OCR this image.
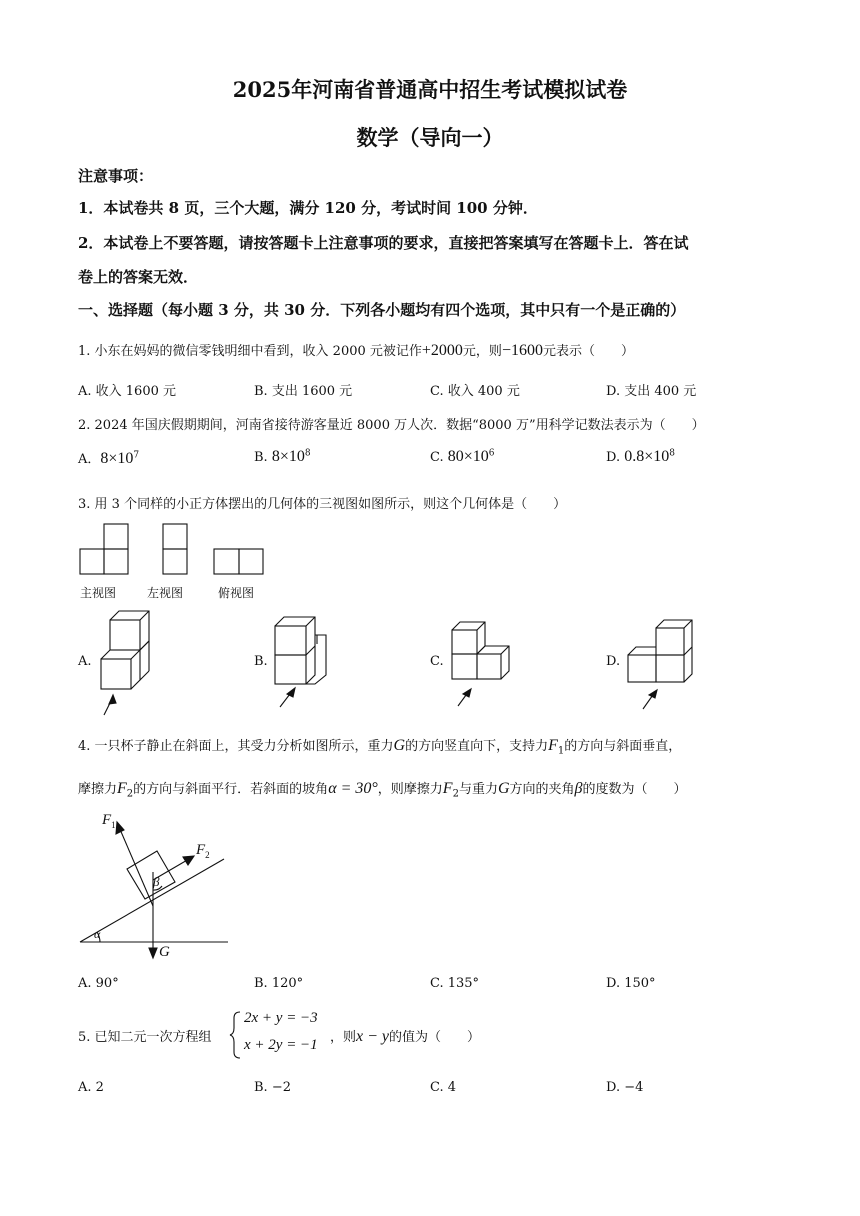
2025年河南省普通高中招生考试模拟试卷
数学（导向一）
注意事项：
1．本试卷共 8 页，三个大题，满分 120 分，考试时间 100 分钟．
2．本试卷上不要答题，请按答题卡上注意事项的要求，直接把答案填写在答题卡上．答在试
卷上的答案无效．
一、选择题（每小题 3 分，共 30 分．下列各小题均有四个选项，其中只有一个是正确的）
1. 小东在妈妈的微信零钱明细中看到，收入 2000 元被记作+2000元，则−1600元表示（　　）
A. 收入 1600 元	B. 支出 1600 元	C. 收入 400 元	D. 支出 400 元
2. 2024 年国庆假期期间，河南省接待游客量近 8000 万人次．数据“8000 万”用科学记数法表示为（　　）
A．$8\times 10^7$	B. $8\times 10^8$	C. $80\times 10^6$	D. $0.8\times 10^8$
3. 用 3 个同样的小正方体摆出的几何体的三视图如图所示，则这个几何体是（　　）
主视图	左视图	俯视图
A.	B.	C.	D.
4. 一只杯子静止在斜面上，其受力分析如图所示，重力G的方向竖直向下，支持力$F_1$的方向与斜面垂直，
摩擦力$F_2$的方向与斜面平行．若斜面的坡角α = 30°，则摩擦力$F_2$与重力G方向的夹角β的度数为（　　）
$F_1$
$F_2$
β
α
G
A. 90°	B. 120°	C. 135°	D. 150°
5. 已知二元一次方程组
2x + y = −3
x + 2y = −1 ，则x − y的值为（　　）
A. 2	B. −2	C. 4	D. −4
